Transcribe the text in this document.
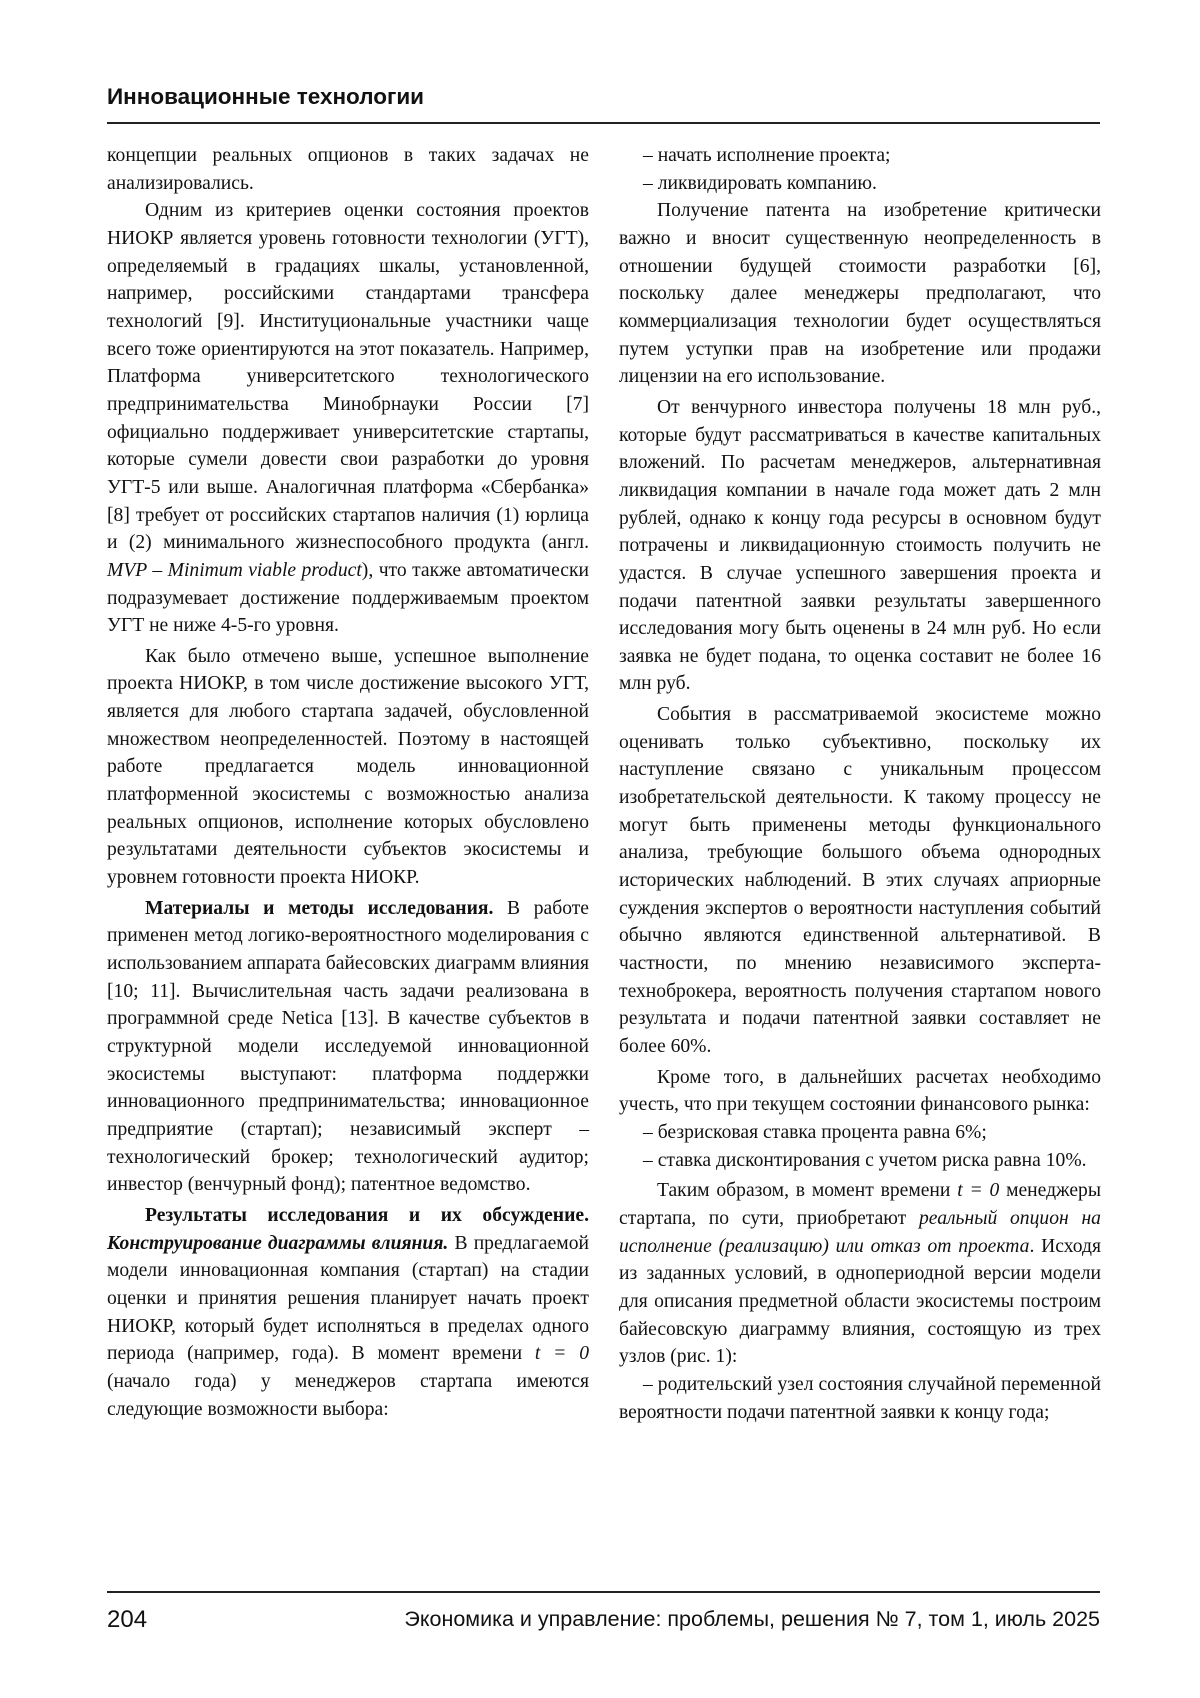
Инновационные технологии

концепции реальных опционов в таких задачах не анализировались.

Одним из критериев оценки состояния проектов НИОКР является уровень готовности технологии (УГТ), определяемый в градациях шкалы, установленной, например, российскими стандартами трансфера технологий [9]. Институциональные участники чаще всего тоже ориентируются на этот показатель. Например, Платформа университетского технологического предпринимательства Минобрнауки России [7] официально поддерживает университетские стартапы, которые сумели довести свои разработки до уровня УГТ-5 или выше. Аналогичная платформа «Сбербанка» [8] требует от российских стартапов наличия (1) юрлица и (2) минимального жизнеспособного продукта (англ. MVP – Minimum viable product), что также автоматически подразумевает достижение поддерживаемым проектом УГТ не ниже 4-5-го уровня.

Как было отмечено выше, успешное выполнение проекта НИОКР, в том числе достижение высокого УГТ, является для любого стартапа задачей, обусловленной множеством неопределенностей. Поэтому в настоящей работе предлагается модель инновационной платформенной экосистемы с возможностью анализа реальных опционов, исполнение которых обусловлено результатами деятельности субъектов экосистемы и уровнем готовности проекта НИОКР.

Материалы и методы исследования. В работе применен метод логико-вероятностного моделирования с использованием аппарата байесовских диаграмм влияния [10; 11]. Вычислительная часть задачи реализована в программной среде Netica [13]. В качестве субъектов в структурной модели исследуемой инновационной экосистемы выступают: платформа поддержки инновационного предпринимательства; инновационное предприятие (стартап); независимый эксперт – технологический брокер; технологический аудитор; инвестор (венчурный фонд); патентное ведомство.

Результаты исследования и их обсуждение. Конструирование диаграммы влияния. В предлагаемой модели инновационная компания (стартап) на стадии оценки и принятия решения планирует начать проект НИОКР, который будет исполняться в пределах одного периода (например, года). В момент времени t = 0 (начало года) у менеджеров стартапа имеются следующие возможности выбора:

– начать исполнение проекта;

– ликвидировать компанию.

Получение патента на изобретение критически важно и вносит существенную неопределенность в отношении будущей стоимости разработки [6], поскольку далее менеджеры предполагают, что коммерциализация технологии будет осуществляться путем уступки прав на изобретение или продажи лицензии на его использование.

От венчурного инвестора получены 18 млн руб., которые будут рассматриваться в качестве капитальных вложений. По расчетам менеджеров, альтернативная ликвидация компании в начале года может дать 2 млн рублей, однако к концу года ресурсы в основном будут потрачены и ликвидационную стоимость получить не удастся. В случае успешного завершения проекта и подачи патентной заявки результаты завершенного исследования могу быть оценены в 24 млн руб. Но если заявка не будет подана, то оценка составит не более 16 млн руб.

События в рассматриваемой экосистеме можно оценивать только субъективно, поскольку их наступление связано с уникальным процессом изобретательской деятельности. К такому процессу не могут быть применены методы функционального анализа, требующие большого объема однородных исторических наблюдений. В этих случаях априорные суждения экспертов о вероятности наступления событий обычно являются единственной альтернативой. В частности, по мнению независимого эксперта-техноброкера, вероятность получения стартапом нового результата и подачи патентной заявки составляет не более 60%.

Кроме того, в дальнейших расчетах необходимо учесть, что при текущем состоянии финансового рынка:

– безрисковая ставка процента равна 6%;

– ставка дисконтирования с учетом риска равна 10%.

Таким образом, в момент времени t = 0 менеджеры стартапа, по сути, приобретают реальный опцион на исполнение (реализацию) или отказ от проекта. Исходя из заданных условий, в однопериодной версии модели для описания предметной области экосистемы построим байесовскую диаграмму влияния, состоящую из трех узлов (рис. 1):

– родительский узел состояния случайной переменной вероятности подачи патентной заявки к концу года;

204	Экономика и управление: проблемы, решения № 7, том 1, июль 2025
